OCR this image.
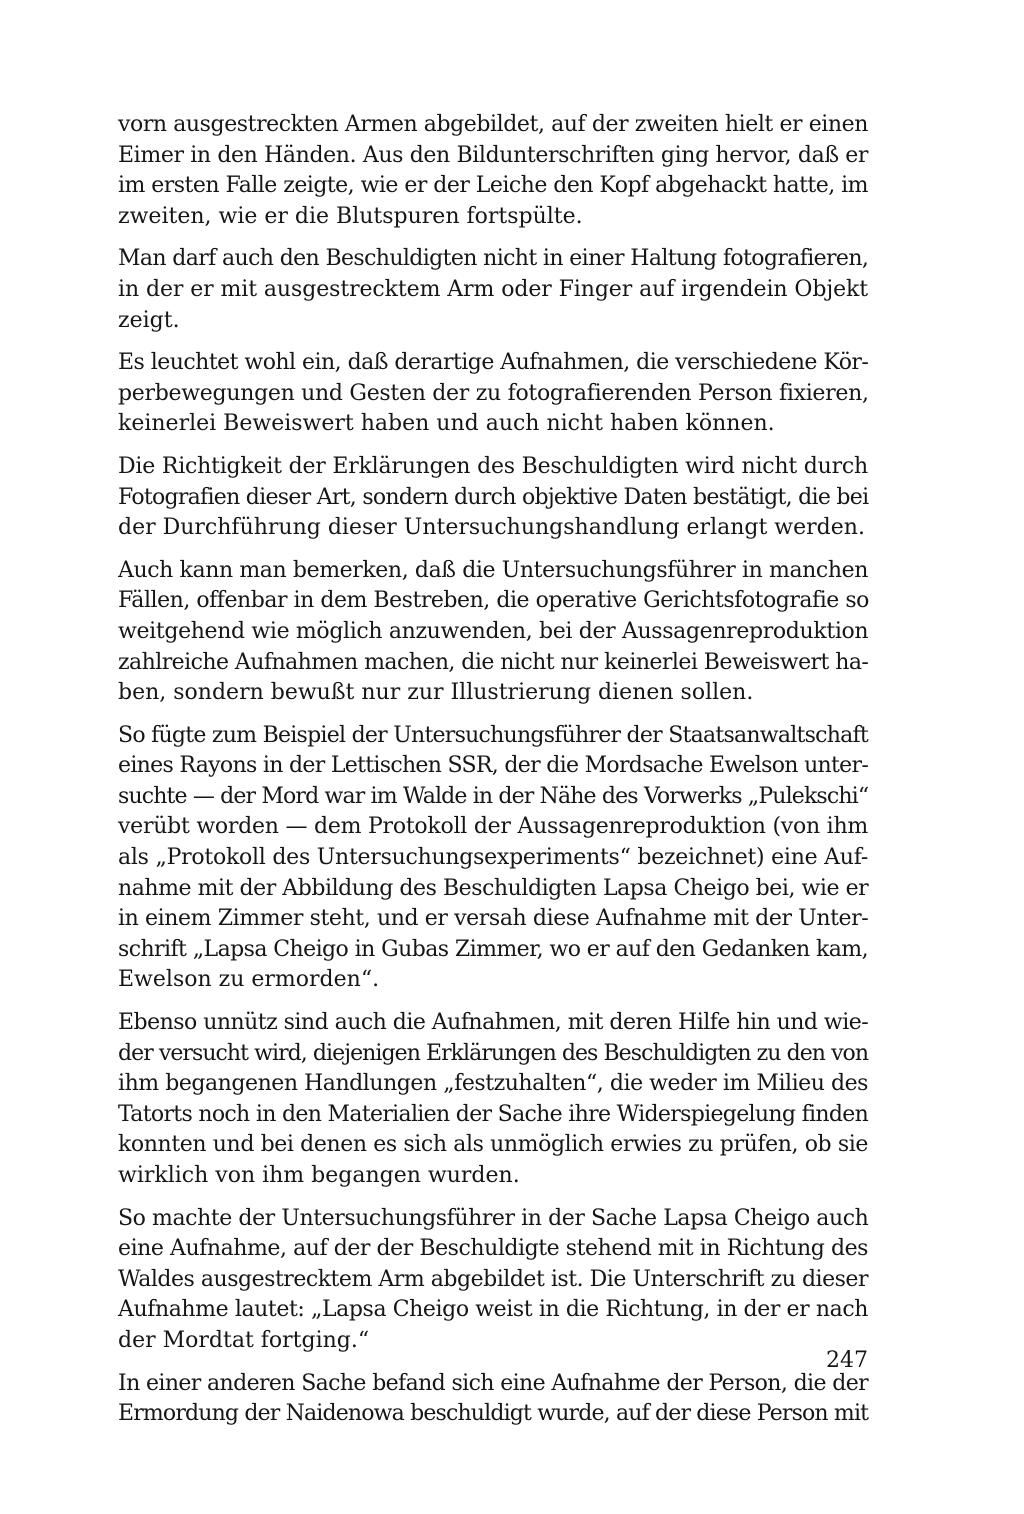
vorn ausgestreckten Armen abgebildet, auf der zweiten hielt er einen
Eimer in den Händen. Aus den Bildunterschriften ging hervor, daß er
im ersten Falle zeigte, wie er der Leiche den Kopf abgehackt hatte, im
zweiten, wie er die Blutspuren fortspülte.
Man darf auch den Beschuldigten nicht in einer Haltung fotografieren,
in der er mit ausgestrecktem Arm oder Finger auf irgendein Objekt
zeigt.
Es leuchtet wohl ein, daß derartige Aufnahmen, die verschiedene Kör-
perbewegungen und Gesten der zu fotografierenden Person fixieren,
keinerlei Beweiswert haben und auch nicht haben können.
Die Richtigkeit der Erklärungen des Beschuldigten wird nicht durch
Fotografien dieser Art, sondern durch objektive Daten bestätigt, die bei
der Durchführung dieser Untersuchungshandlung erlangt werden.
Auch kann man bemerken, daß die Untersuchungsführer in manchen
Fällen, offenbar in dem Bestreben, die operative Gerichtsfotografie so
weitgehend wie möglich anzuwenden, bei der Aussagenreproduktion
zahlreiche Aufnahmen machen, die nicht nur keinerlei Beweiswert ha-
ben, sondern bewußt nur zur Illustrierung dienen sollen.
So fügte zum Beispiel der Untersuchungsführer der Staatsanwaltschaft
eines Rayons in der Lettischen SSR, der die Mordsache Ewelson unter-
suchte — der Mord war im Walde in der Nähe des Vorwerks „Pulekschi“
verübt worden — dem Protokoll der Aussagenreproduktion (von ihm
als „Protokoll des Untersuchungsexperiments“ bezeichnet) eine Auf-
nahme mit der Abbildung des Beschuldigten Lapsa Cheigo bei, wie er
in einem Zimmer steht, und er versah diese Aufnahme mit der Unter-
schrift „Lapsa Cheigo in Gubas Zimmer, wo er auf den Gedanken kam,
Ewelson zu ermorden“.
Ebenso unnütz sind auch die Aufnahmen, mit deren Hilfe hin und wie-
der versucht wird, diejenigen Erklärungen des Beschuldigten zu den von
ihm begangenen Handlungen „festzuhalten“, die weder im Milieu des
Tatorts noch in den Materialien der Sache ihre Widerspiegelung finden
konnten und bei denen es sich als unmöglich erwies zu prüfen, ob sie
wirklich von ihm begangen wurden.
So machte der Untersuchungsführer in der Sache Lapsa Cheigo auch
eine Aufnahme, auf der der Beschuldigte stehend mit in Richtung des
Waldes ausgestrecktem Arm abgebildet ist. Die Unterschrift zu dieser
Aufnahme lautet: „Lapsa Cheigo weist in die Richtung, in der er nach
der Mordtat fortging.“
In einer anderen Sache befand sich eine Aufnahme der Person, die der
Ermordung der Naidenowa beschuldigt wurde, auf der diese Person mit
247
